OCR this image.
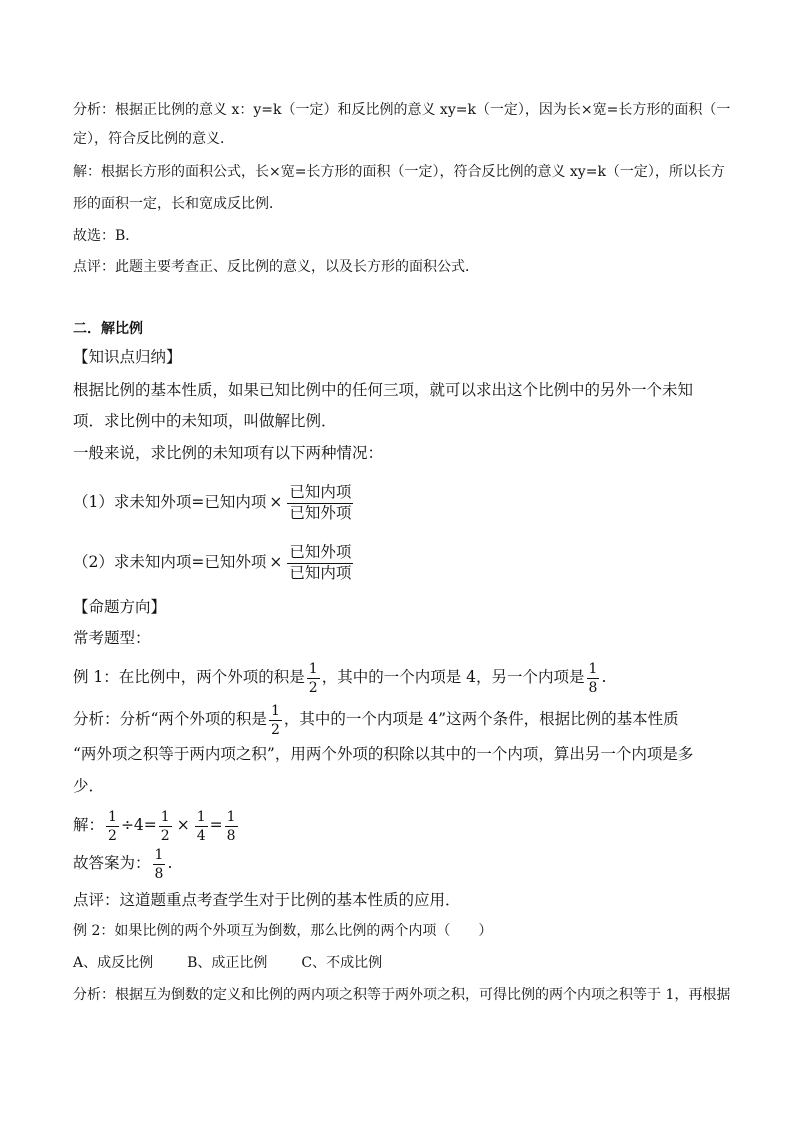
分析：根据正比例的意义 x：y=k（一定）和反比例的意义 xy=k（一定），因为长×宽=长方形的面积（一
定），符合反比例的意义．
解：根据长方形的面积公式，长×宽=长方形的面积（一定），符合反比例的意义 xy=k（一定），所以长方
形的面积一定，长和宽成反比例．
故选：B．
点评：此题主要考查正、反比例的意义，以及长方形的面积公式．
二．解比例
【知识点归纳】
根据比例的基本性质，如果已知比例中的任何三项，就可以求出这个比例中的另外一个未知
项．求比例中的未知项，叫做解比例．
一般来说，求比例的未知项有以下两种情况：
（1）求未知外项=已知内项 × $\frac{\text{已知内项}}{\text{已知外项}}$
（2）求未知内项=已知外项 × $\frac{\text{已知外项}}{\text{已知内项}}$
【命题方向】
常考题型：
例 1：在比例中，两个外项的积是 $\frac{1}{2}$ ，其中的一个内项是 4，另一个内项是 $\frac{1}{8}$ .
分析：分析“两个外项的积是 $\frac{1}{2}$ ，其中的一个内项是 4”这两个条件，根据比例的基本性质
“两外项之积等于两内项之积”，用两个外项的积除以其中的一个内项，算出另一个内项是多
少．
解： $\frac{1}{2} \div 4= \frac{1}{2} \times \frac{1}{4} = \frac{1}{8}$
故答案为： $\frac{1}{8}$ .
点评：这道题重点考查学生对于比例的基本性质的应用．
例 2：如果比例的两个外项互为倒数，那么比例的两个内项（　　）
A、成反比例 B、成正比例 C、不成比例
分析：根据互为倒数的定义和比例的两内项之积等于两外项之积，可得比例的两个内项之积等于 1，再根据
